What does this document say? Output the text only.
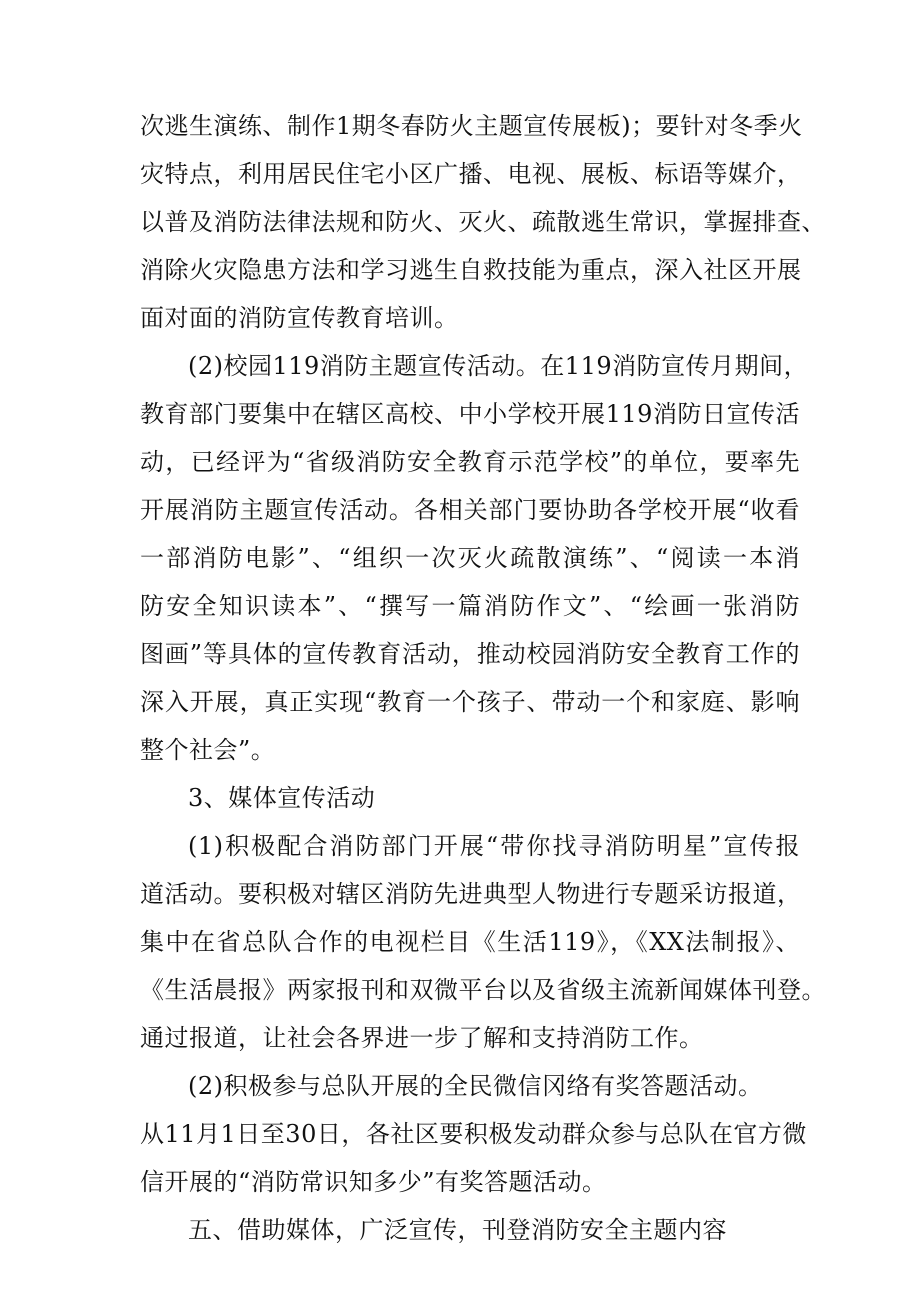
次逃生演练、制作1期冬春防火主题宣传展板)；要针对冬季火
灾特点，利用居民住宅小区广播、电视、展板、标语等媒介，
以普及消防法律法规和防火、灭火、疏散逃生常识，掌握排查、
消除火灾隐患方法和学习逃生自救技能为重点，深入社区开展
面对面的消防宣传教育培训。
(2)校园119消防主题宣传活动。在119消防宣传月期间，
教育部门要集中在辖区高校、中小学校开展119消防日宣传活
动，已经评为“省级消防安全教育示范学校”的单位，要率先
开展消防主题宣传活动。各相关部门要协助各学校开展“收看
一部消防电影”、“组织一次灭火疏散演练”、“阅读一本消
防安全知识读本”、“撰写一篇消防作文”、“绘画一张消防
图画”等具体的宣传教育活动，推动校园消防安全教育工作的
深入开展，真正实现“教育一个孩子、带动一个和家庭、影响
整个社会”。
3、媒体宣传活动
(1)积极配合消防部门开展“带你找寻消防明星”宣传报
道活动。要积极对辖区消防先进典型人物进行专题采访报道，
集中在省总队合作的电视栏目《生活119》，《XX法制报》、
《生活晨报》两家报刊和双微平台以及省级主流新闻媒体刊登。
通过报道，让社会各界进一步了解和支持消防工作。
(2)积极参与总队开展的全民微信冈络有奖答题活动。
从11月1日至30日，各社区要积极发动群众参与总队在官方微
信开展的“消防常识知多少”有奖答题活动。
五、借助媒体，广泛宣传，刊登消防安全主题内容
